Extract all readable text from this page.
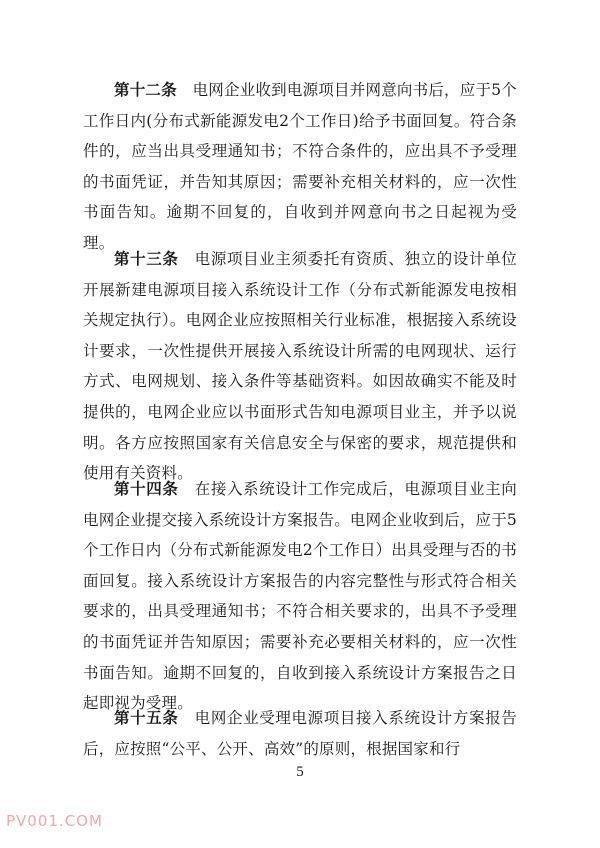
第十二条　 电网企业收到电源项目并网意向书后，应于5个工作日内(分布式新能源发电2个工作日)给予书面回复。符合条件的，应当出具受理通知书；不符合条件的，应出具不予受理的书面凭证，并告知其原因；需要补充相关材料的，应一次性书面告知。逾期不回复的，自收到并网意向书之日起视为受理。

第十三条　 电源项目业主须委托有资质、独立的设计单位开展新建电源项目接入系统设计工作（分布式新能源发电按相关规定执行）。电网企业应按照相关行业标准，根据接入系统设计要求，一次性提供开展接入系统设计所需的电网现状、运行方式、电网规划、接入条件等基础资料。如因故确实不能及时提供的，电网企业应以书面形式告知电源项目业主，并予以说明。各方应按照国家有关信息安全与保密的要求，规范提供和使用有关资料。

第十四条　 在接入系统设计工作完成后，电源项目业主向电网企业提交接入系统设计方案报告。电网企业收到后，应于5个工作日内（分布式新能源发电2个工作日）出具受理与否的书面回复。接入系统设计方案报告的内容完整性与形式符合相关要求的，出具受理通知书；不符合相关要求的，出具不予受理的书面凭证并告知原因；需要补充必要相关材料的，应一次性书面告知。逾期不回复的，自收到接入系统设计方案报告之日起即视为受理。

第十五条　 电网企业受理电源项目接入系统设计方案报告后，应按照“公平、公开、高效”的原则，根据国家和行

5
PV001.COM
